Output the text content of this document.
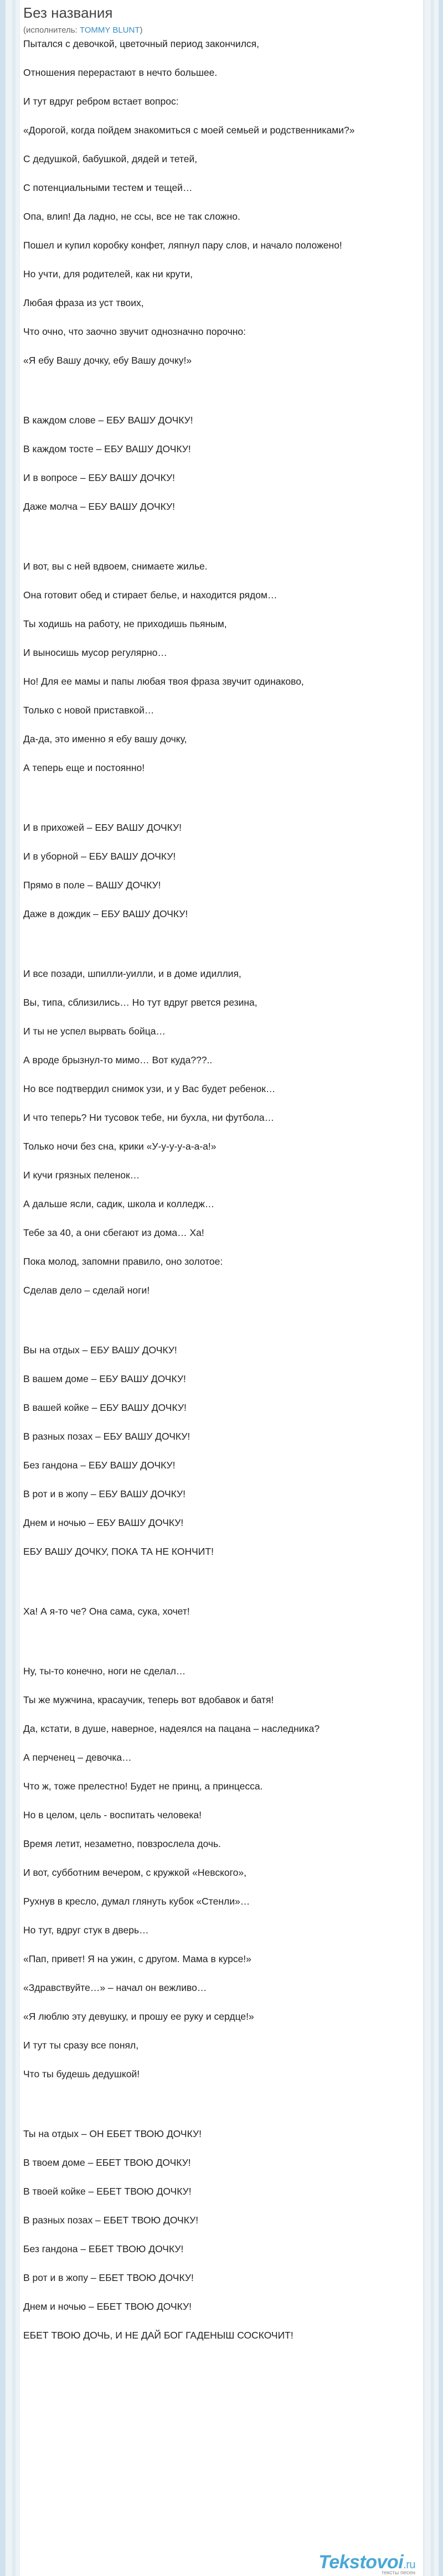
Без названия
(исполнитель: TOMMY BLUNT)

Пытался с девочкой, цветочный период закончился,

Отношения перерастают в нечто большее.

И тут вдруг ребром встает вопрос:

«Дорогой, когда пойдем знакомиться с моей семьей и родственниками?»

С дедушкой, бабушкой, дядей и тетей,

С потенциальными тестем и тещей…

Опа, влип! Да ладно, не ссы, все не так сложно.

Пошел и купил коробку конфет, ляпнул пару слов, и начало положено!

Но учти, для родителей, как ни крути,

Любая фраза из уст твоих,

Что очно, что заочно звучит однозначно порочно:

«Я ебу Вашу дочку, ебу Вашу дочку!»

В каждом слове – ЕБУ ВАШУ ДОЧКУ!

В каждом тосте – ЕБУ ВАШУ ДОЧКУ!

И в вопросе – ЕБУ ВАШУ ДОЧКУ!

Даже молча – ЕБУ ВАШУ ДОЧКУ!

И вот, вы с ней вдвоем, снимаете жилье.

Она готовит обед и стирает белье, и находится рядом…

Ты ходишь на работу, не приходишь пьяным,

И выносишь мусор регулярно…

Но! Для ее мамы и папы любая твоя фраза звучит одинаково,

Только с новой приставкой…

Да-да, это именно я ебу вашу дочку,

А теперь еще и постоянно!

И в прихожей – ЕБУ ВАШУ ДОЧКУ!

И в уборной – ЕБУ ВАШУ ДОЧКУ!

Прямо в поле – ВАШУ ДОЧКУ!

Даже в дождик – ЕБУ ВАШУ ДОЧКУ!

И все позади, шпилли-уилли, и в доме идиллия,

Вы, типа, сблизились… Но тут вдруг рвется резина,

И ты не успел вырвать бойца…

А вроде брызнул-то мимо… Вот куда???..

Но все подтвердил снимок узи, и у Вас будет ребенок…

И что теперь? Ни тусовок тебе, ни бухла, ни футбола…

Только ночи без сна, крики «У-у-у-у-а-а-а!»

И кучи грязных пеленок…

А дальше ясли, садик, школа и колледж…

Тебе за 40, а они сбегают из дома… Ха!

Пока молод, запомни правило, оно золотое:

Сделав дело – сделай ноги!

Вы на отдых – ЕБУ ВАШУ ДОЧКУ!

В вашем доме – ЕБУ ВАШУ ДОЧКУ!

В вашей койке – ЕБУ ВАШУ ДОЧКУ!

В разных позах – ЕБУ ВАШУ ДОЧКУ!

Без гандона – ЕБУ ВАШУ ДОЧКУ!

В рот и в жопу – ЕБУ ВАШУ ДОЧКУ!

Днем и ночью – ЕБУ ВАШУ ДОЧКУ!

ЕБУ ВАШУ ДОЧКУ, ПОКА ТА НЕ КОНЧИТ!

Ха! А я-то че? Она сама, сука, хочет!

Ну, ты-то конечно, ноги не сделал…

Ты же мужчина, красаучик, теперь вот вдобавок и батя!

Да, кстати, в душе, наверное, надеялся на пацана – наследника?

А перченец – девочка…

Что ж, тоже прелестно! Будет не принц, а принцесса.

Но в целом, цель - воспитать человека!

Время летит, незаметно, повзрослела дочь.

И вот, субботним вечером, с кружкой «Невского»,

Рухнув в кресло, думал глянуть кубок «Стенли»…

Но тут, вдруг стук в дверь…

«Пап, привет! Я на ужин, с другом. Мама в курсе!»

«Здравствуйте…» – начал он вежливо…

«Я люблю эту девушку, и прошу ее руку и сердце!»

И тут ты сразу все понял,

Что ты будешь дедушкой!

Ты на отдых – ОН ЕБЕТ ТВОЮ ДОЧКУ!

В твоем доме – ЕБЕТ ТВОЮ ДОЧКУ!

В твоей койке – ЕБЕТ ТВОЮ ДОЧКУ!

В разных позах – ЕБЕТ ТВОЮ ДОЧКУ!

Без гандона – ЕБЕТ ТВОЮ ДОЧКУ!

В рот и в жопу – ЕБЕТ ТВОЮ ДОЧКУ!

Днем и ночью – ЕБЕТ ТВОЮ ДОЧКУ!

ЕБЕТ ТВОЮ ДОЧЬ, И НЕ ДАЙ БОГ ГАДЕНЫШ СОСКОЧИТ!

Tekstovoi.ru
тексты песен
